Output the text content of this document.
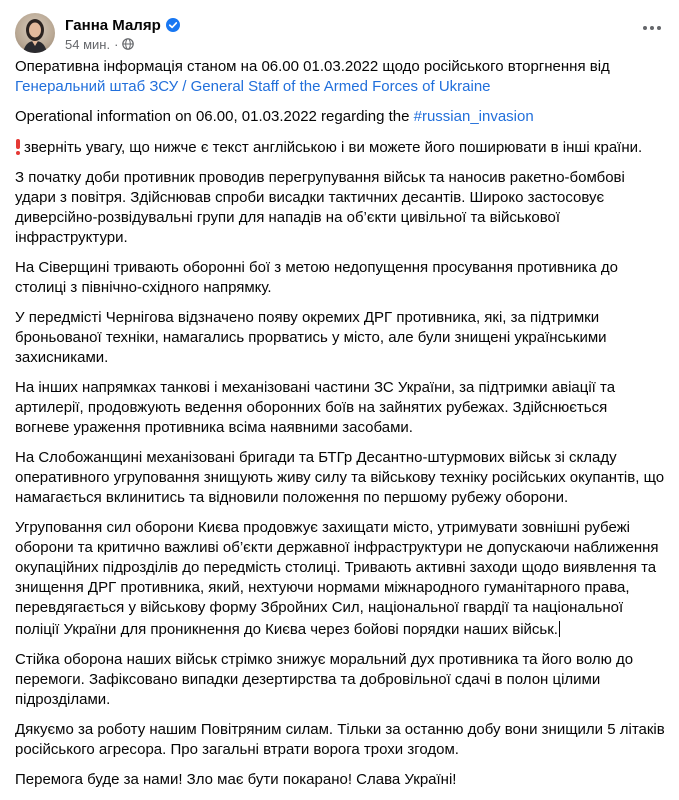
Ганна Маляр
54 мин. ·

Оперативна інформація станом на 06.00 01.03.2022 щодо російського вторгнення від Генеральний штаб ЗСУ / General Staff of the Armed Forces of Ukraine

Operational information on 06.00, 01.03.2022 regarding the #russian_invasion

зверніть увагу, що нижче є текст англійською і ви можете його поширювати в інші країни.

З початку доби противник проводив перегрупування військ та наносив ракетно-бомбові удари з повітря. Здійснював спроби висадки тактичних десантів. Широко застосовує диверсійно-розвідувальні групи для нападів на об’єкти цивільної та військової інфраструктури.

На Сіверщині тривають оборонні бої з метою недопущення просування противника до столиці з північно-східного напрямку.

У передмісті Чернігова відзначено появу окремих ДРГ противника, які, за підтримки броньованої техніки, намагались прорватись у місто, але були знищені українськими захисниками.

На інших напрямках танкові і механізовані частини ЗС України, за підтримки авіації та артилерії, продовжують ведення оборонних боїв на зайнятих рубежах. Здійснюється вогневе ураження противника всіма наявними засобами.

На Слобожанщині механізовані бригади та БТГр Десантно-штурмових військ зі складу оперативного угруповання знищують живу силу та військову техніку російських окупантів, що намагається вклинитись та відновили положення по першому рубежу оборони.

Угруповання сил оборони Києва продовжує захищати місто, утримувати зовнішні рубежі оборони та критично важливі об’єкти державної інфраструктури не допускаючи наближення окупаційних підрозділів до передмість столиці. Тривають активні заходи щодо виявлення та знищення ДРГ противника, який, нехтуючи нормами міжнародного гуманітарного права, перевдягається у військову форму Збройних Сил, національної гвардії та національної поліції України для проникнення до Києва через бойові порядки наших військ.

Стійка оборона наших військ стрімко знижує моральний дух противника та його волю до перемоги. Зафіксовано випадки дезертирства та добровільної сдачі в полон цілими підрозділами.

Дякуємо за роботу нашим Повітряним силам. Тільки за останню добу вони знищили 5 літаків російського агресора. Про загальні втрати ворога трохи згодом.

Перемога буде за нами! Зло має бути покарано! Слава Україні!
